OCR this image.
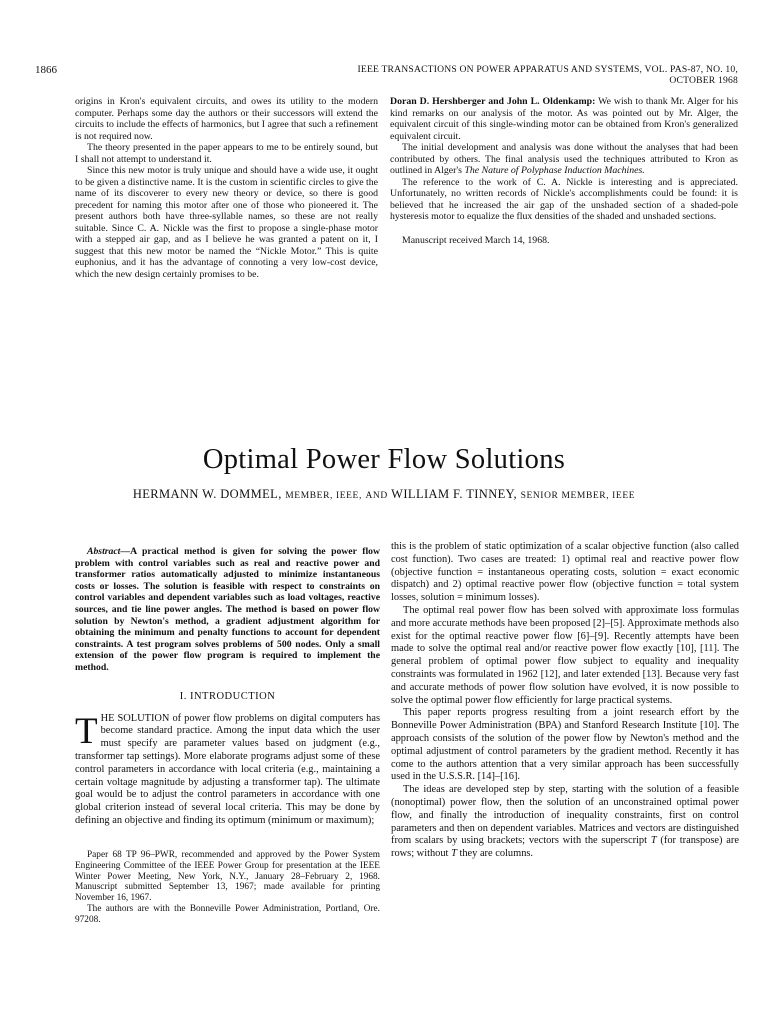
1866	IEEE TRANSACTIONS ON POWER APPARATUS AND SYSTEMS, VOL. PAS-87, NO. 10, OCTOBER 1968

origins in Kron's equivalent circuits, and owes its utility to the modern computer. Perhaps some day the authors or their successors will extend the circuits to include the effects of harmonics, but I agree that such a refinement is not required now.

The theory presented in the paper appears to me to be entirely sound, but I shall not attempt to understand it.

Since this new motor is truly unique and should have a wide use, it ought to be given a distinctive name. It is the custom in scientific circles to give the name of its discoverer to every new theory or device, so there is good precedent for naming this motor after one of those who pioneered it. The present authors both have three-syllable names, so these are not really suitable. Since C. A. Nickle was the first to propose a single-phase motor with a stepped air gap, and as I believe he was granted a patent on it, I suggest that this new motor be named the “Nickle Motor.” This is quite euphonius, and it has the advantage of connoting a very low-cost device, which the new design certainly promises to be.

Doran D. Hershberger and John L. Oldenkamp: We wish to thank Mr. Alger for his kind remarks on our analysis of the motor. As was pointed out by Mr. Alger, the equivalent circuit of this single-winding motor can be obtained from Kron's generalized equivalent circuit.

The initial development and analysis was done without the analyses that had been contributed by others. The final analysis used the techniques attributed to Kron as outlined in Alger's The Nature of Polyphase Induction Machines.

The reference to the work of C. A. Nickle is interesting and is appreciated. Unfortunately, no written records of Nickle's accomplishments could be found: it is believed that he increased the air gap of the unshaded section of a shaded-pole hysteresis motor to equalize the flux densities of the shaded and unshaded sections.

Manuscript received March 14, 1968.

Optimal Power Flow Solutions
HERMANN W. DOMMEL, MEMBER, IEEE, AND WILLIAM F. TINNEY, SENIOR MEMBER, IEEE

Abstract—A practical method is given for solving the power flow problem with control variables such as real and reactive power and transformer ratios automatically adjusted to minimize instantaneous costs or losses. The solution is feasible with respect to constraints on control variables and dependent variables such as load voltages, reactive sources, and tie line power angles. The method is based on power flow solution by Newton's method, a gradient adjustment algorithm for obtaining the minimum and penalty functions to account for dependent constraints. A test program solves problems of 500 nodes. Only a small extension of the power flow program is required to implement the method.

I. INTRODUCTION

THE SOLUTION of power flow problems on digital computers has become standard practice. Among the input data which the user must specify are parameter values based on judgment (e.g., transformer tap settings). More elaborate programs adjust some of these control parameters in accordance with local criteria (e.g., maintaining a certain voltage magnitude by adjusting a transformer tap). The ultimate goal would be to adjust the control parameters in accordance with one global criterion instead of several local criteria. This may be done by defining an objective and finding its optimum (minimum or maximum);

Paper 68 TP 96–PWR, recommended and approved by the Power System Engineering Committee of the IEEE Power Group for presentation at the IEEE Winter Power Meeting, New York, N.Y., January 28–February 2, 1968. Manuscript submitted September 13, 1967; made available for printing November 16, 1967.

The authors are with the Bonneville Power Administration, Portland, Ore. 97208.

this is the problem of static optimization of a scalar objective function (also called cost function). Two cases are treated: 1) optimal real and reactive power flow (objective function = instantaneous operating costs, solution = exact economic dispatch) and 2) optimal reactive power flow (objective function = total system losses, solution = minimum losses).

The optimal real power flow has been solved with approximate loss formulas and more accurate methods have been proposed [2]–[5]. Approximate methods also exist for the optimal reactive power flow [6]–[9]. Recently attempts have been made to solve the optimal real and/or reactive power flow exactly [10], [11]. The general problem of optimal power flow subject to equality and inequality constraints was formulated in 1962 [12], and later extended [13]. Because very fast and accurate methods of power flow solution have evolved, it is now possible to solve the optimal power flow efficiently for large practical systems.

This paper reports progress resulting from a joint research effort by the Bonneville Power Administration (BPA) and Stanford Research Institute [10]. The approach consists of the solution of the power flow by Newton's method and the optimal adjustment of control parameters by the gradient method. Recently it has come to the authors attention that a very similar approach has been successfully used in the U.S.S.R. [14]–[16].

The ideas are developed step by step, starting with the solution of a feasible (nonoptimal) power flow, then the solution of an unconstrained optimal power flow, and finally the introduction of inequality constraints, first on control parameters and then on dependent variables. Matrices and vectors are distinguished from scalars by using brackets; vectors with the superscript T (for transpose) are rows; without T they are columns.
